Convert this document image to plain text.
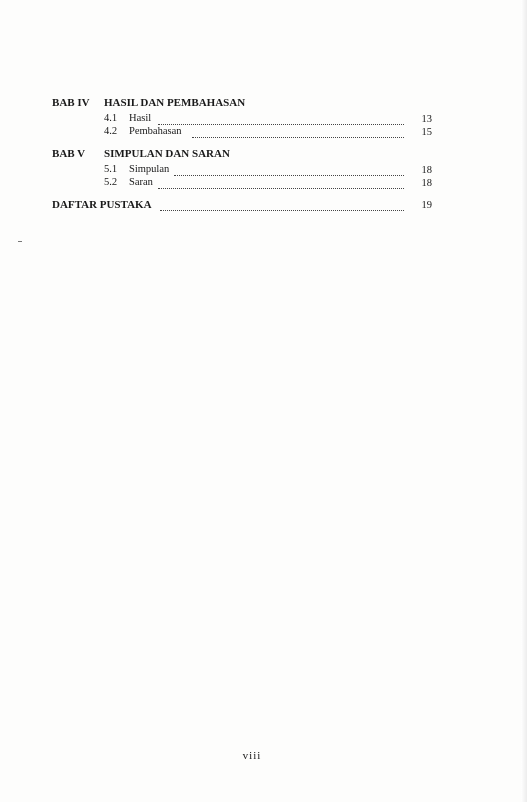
BAB IV HASIL DAN PEMBAHASAN
4.1 Hasil	13
4.2 Pembahasan	15
BAB V SIMPULAN DAN SARAN
5.1 Simpulan	18
5.2 Saran	18
DAFTAR PUSTAKA	19
viii
